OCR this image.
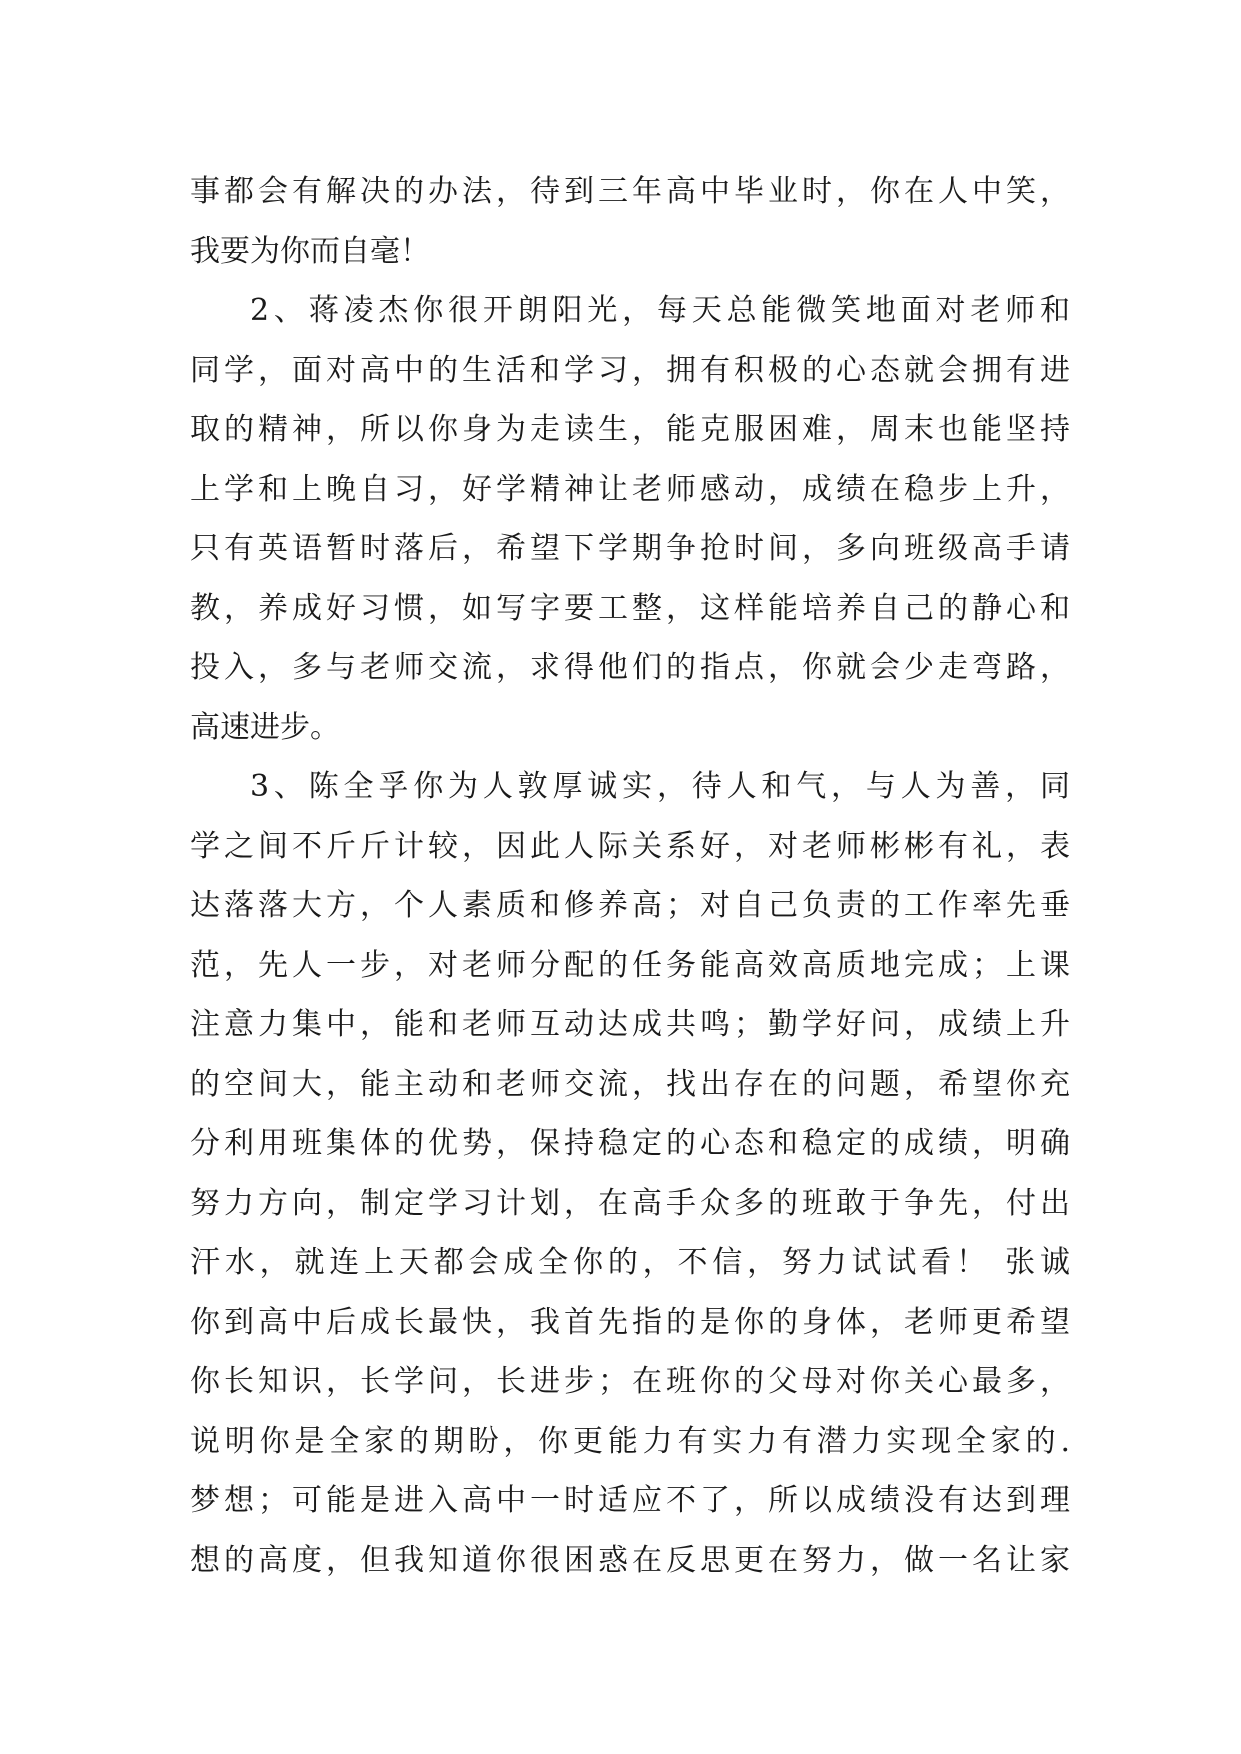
事都会有解决的办法，待到三年高中毕业时，你在人中笑，
我要为你而自毫！
2、蒋凌杰你很开朗阳光，每天总能微笑地面对老师和
同学，面对高中的生活和学习，拥有积极的心态就会拥有进
取的精神，所以你身为走读生，能克服困难，周末也能坚持
上学和上晚自习，好学精神让老师感动，成绩在稳步上升，
只有英语暂时落后，希望下学期争抢时间，多向班级高手请
教，养成好习惯，如写字要工整，这样能培养自己的静心和
投入，多与老师交流，求得他们的指点，你就会少走弯路，
高速进步。
3、陈全孚你为人敦厚诚实，待人和气，与人为善，同
学之间不斤斤计较，因此人际关系好，对老师彬彬有礼，表
达落落大方，个人素质和修养高；对自己负责的工作率先垂
范，先人一步，对老师分配的任务能高效高质地完成；上课
注意力集中，能和老师互动达成共鸣；勤学好问，成绩上升
的空间大，能主动和老师交流，找出存在的问题，希望你充
分利用班集体的优势，保持稳定的心态和稳定的成绩，明确
努力方向，制定学习计划，在高手众多的班敢于争先，付出
汗水，就连上天都会成全你的，不信，努力试试看！ 张诚
你到高中后成长最快，我首先指的是你的身体，老师更希望
你长知识，长学问，长进步；在班你的父母对你关心最多，
说明你是全家的期盼，你更能力有实力有潜力实现全家的.
梦想；可能是进入高中一时适应不了，所以成绩没有达到理
想的高度，但我知道你很困惑在反思更在努力，做一名让家
